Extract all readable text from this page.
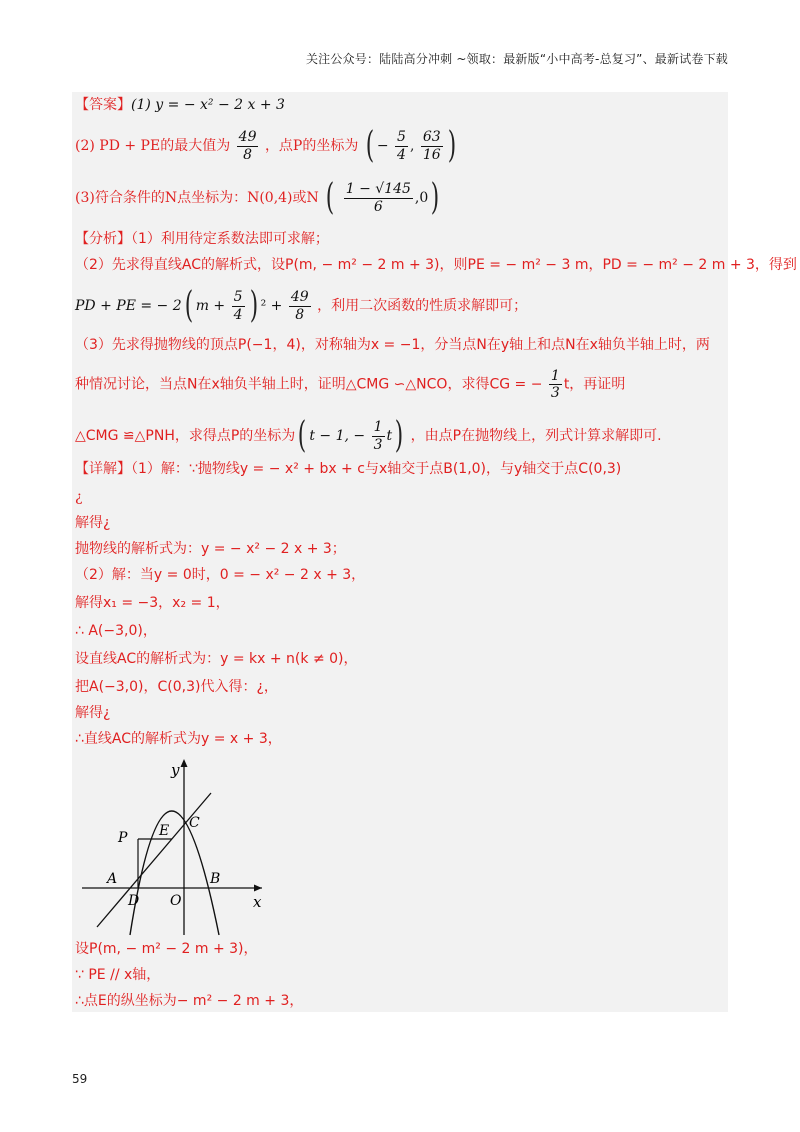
关注公众号：陆陆高分冲刺 ~领取：最新版“小中高考-总复习”、最新试卷下载
【答案】(1) y = − x² − 2 x + 3
(2) PD + PE的最大值为 $\frac{49}{8}$ ，点P的坐标为 ( − $\frac{5}{4}$ , $\frac{63}{16}$ )
(3)符合条件的N点坐标为：N(0,4)或N ( $\frac{1 - √145}{6} ,0$)
【分析】（1）利用待定系数法即可求解；
（2）先求得直线AC的解析式，设P(m, − m² − 2 m + 3)，则PE = − m² − 3 m，PD = − m² − 2 m + 3，得到
PD + PE = − 2( $m + \frac{5}{4}$ ) $^2 + \frac{49}{8}$ ，利用二次函数的性质求解即可；
（3）先求得抛物线的顶点P(−1，4)，对称轴为x = −1，分当点N在y轴上和点N在x轴负半轴上时，两
种情况讨论，当点N在x轴负半轴上时，证明△CMG ∽△NCO，求得CG = − $\frac{1}{3}$ t，再证明
△CMG ≌△PNH，求得点P的坐标为( t − 1, − $\frac{1}{3} t$) ，由点P在抛物线上，列式计算求解即可.
【详解】（1）解：∵抛物线y = − x² + bx + c与x轴交于点B(1,0)，与y轴交于点C(0,3)
¿
解得¿
抛物线的解析式为：y = − x² − 2 x + 3；
（2）解：当y = 0时，0 = − x² − 2 x + 3，
解得x₁ = −3，x₂ = 1，
∴ A(−3,0)，
设直线AC的解析式为：y = kx + n(k ≠ 0)，
把A(−3,0)，C(0,3)代入得：¿，
解得¿
∴直线AC的解析式为y = x + 3，
y
x
P E C
A
D O
B
设P(m, − m² − 2 m + 3)，
∵ PE // x轴，
∴点E的纵坐标为− m² − 2 m + 3，
59
